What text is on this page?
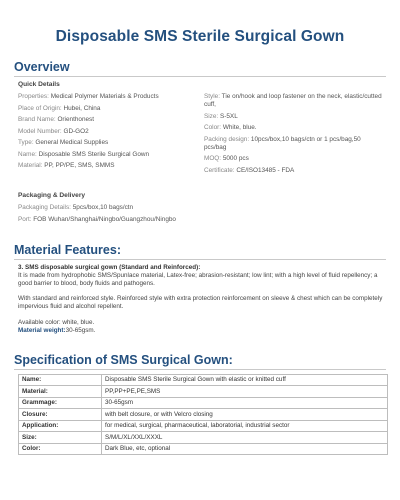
Disposable SMS Sterile Surgical Gown
Overview
Quick Details
Properties: Medical Polymer Materials & Products
Place of Origin: Hubei, China
Brand Name: Orienthonest
Model Number: GD-GO2
Type: General Medical Supplies
Name: Disposable SMS Sterile Surgical Gown
Material: PP, PP/PE, SMS, SMMS
Style: Tie on/hook and loop fastener on the neck, elastic/cutted cuff,
Size: S-5XL
Color: White, blue.
Packing design: 10pcs/box,10 bags/ctn or 1 pcs/bag,50 pcs/bag
MOQ: 5000 pcs
Certificate: CE/ISO13485 - FDA
Packaging & Delivery
Packaging Details: 5pcs/box,10 bags/ctn
Port: FOB Wuhan/Shanghai/Ningbo/Guangzhou/Ningbo
Material Features:

3. SMS disposable surgical gown (Standard and Reinforced):
It is made from hydrophobic SMS/Spunlace material, Latex-free; abrasion-resistant; low lint; with a high level of fluid repellency; a good barrier to blood, body fluids and pathogens.

With standard and reinforced style. Reinforced style with extra protection reinforcement on sleeve & chest which can be completely impervious fluid and alcohol repellent.

Available color: white, blue.
Material weight:30-65gsm.

Specification of SMS Surgical Gown:
Name:	Disposable SMS Sterile Surgical Gown with elastic or knitted cuff
Material:	PP,PP+PE,PE,SMS
Grammage:	30-65gsm
Closure:	with belt closure, or with Velcro closing
Application:	for medical, surgical, pharmaceutical, laboratorial, industrial sector
Size:	S/M/L/XL/XXL/XXXL
Color:	Dark Blue, etc, optional
